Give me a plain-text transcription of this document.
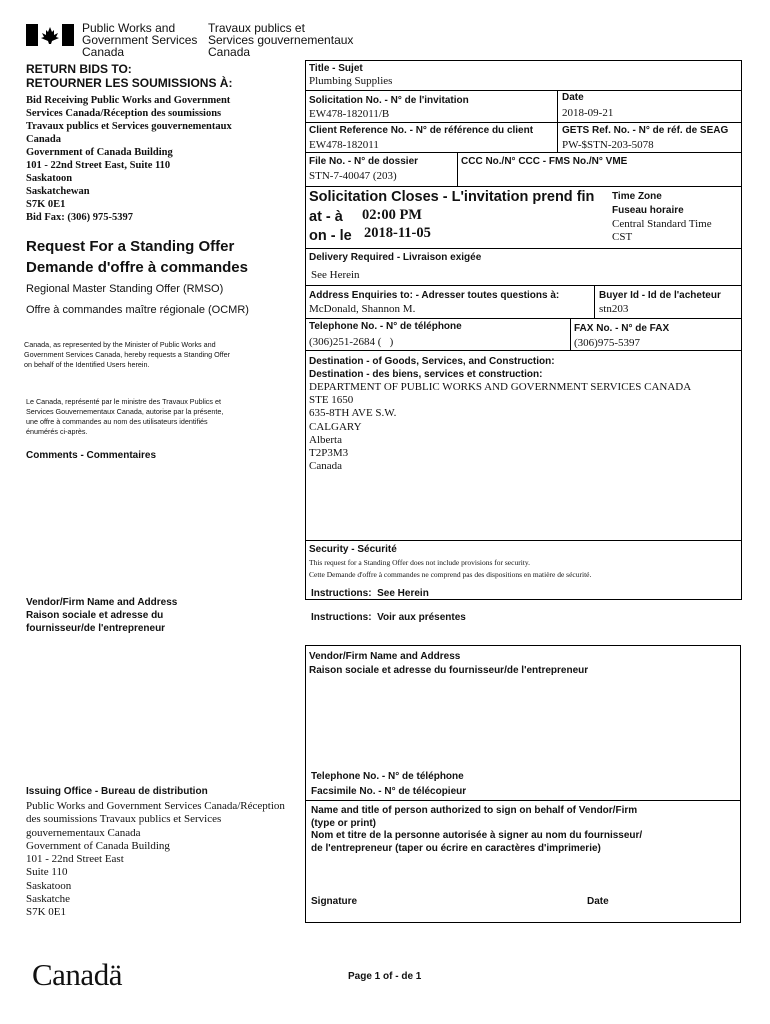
Public Works and
Government Services
Canada
Travaux publics et
Services gouvernementaux
Canada
RETURN BIDS TO:
RETOURNER LES SOUMISSIONS À:
Bid Receiving Public Works and Government
Services Canada/Réception des soumissions
Travaux publics et Services gouvernementaux
Canada
Government of Canada Building
101 - 22nd Street East, Suite 110
Saskatoon
Saskatchewan
S7K 0E1
Bid Fax: (306) 975-5397
Request For a Standing Offer
Demande d'offre à commandes
Regional Master Standing Offer (RMSO)
Offre à commandes maître régionale (OCMR)
Canada, as represented by the Minister of Public Works and
Government Services Canada, hereby requests a Standing Offer
on behalf of the Identified Users herein.
Le Canada, représenté par le ministre des Travaux Publics et
Services Gouvernementaux Canada, autorise par la présente,
une offre à commandes au nom des utilisateurs identifiés
énumérés ci-après.
Comments - Commentaires
Vendor/Firm Name and Address
Raison sociale et adresse du
fournisseur/de l'entrepreneur
Issuing Office - Bureau de distribution
Public Works and Government Services Canada/Réception
des soumissions Travaux publics et Services
gouvernementaux Canada
Government of Canada Building
101 - 22nd Street East
Suite 110
Saskatoon
Saskatche
S7K 0E1
Title - Sujet
Plumbing Supplies
Solicitation No. - N° de l'invitation
EW478-182011/B
Date
2018-09-21
Client Reference No. - N° de référence du client
EW478-182011
GETS Ref. No. - N° de réf. de SEAG
PW-$STN-203-5078
File No. - N° de dossier
STN-7-40047 (203)
CCC No./N° CCC - FMS No./N° VME
Solicitation Closes - L'invitation prend fin
at - à 02:00 PM
on - le 2018-11-05
Time Zone
Fuseau horaire
Central Standard Time
CST
Delivery Required - Livraison exigée
See Herein
Address Enquiries to: - Adresser toutes questions à:
McDonald, Shannon M.
Buyer Id - Id de l'acheteur
stn203
Telephone No. - N° de téléphone
(306)251-2684 (   )
FAX No. - N° de FAX
(306)975-5397
Destination - of Goods, Services, and Construction:
Destination - des biens, services et construction:
DEPARTMENT OF PUBLIC WORKS AND GOVERNMENT SERVICES CANADA
STE 1650
635-8TH AVE S.W.
CALGARY
Alberta
T2P3M3
Canada
Security - Sécurité
This request for a Standing Offer does not include provisions for security.
Cette Demande d'offre à commandes ne comprend pas des dispositions en matière de sécurité.
Instructions:  See Herein
Instructions:  Voir aux présentes
Vendor/Firm Name and Address
Raison sociale et adresse du fournisseur/de l'entrepreneur
Telephone No. - N° de téléphone
Facsimile No. - N° de télécopieur
Name and title of person authorized to sign on behalf of Vendor/Firm
(type or print)
Nom et titre de la personne autorisée à signer au nom du fournisseur/
de l'entrepreneur (taper ou écrire en caractères d'imprimerie)
Signature	Date
Canadä	Page 1 of - de 1
